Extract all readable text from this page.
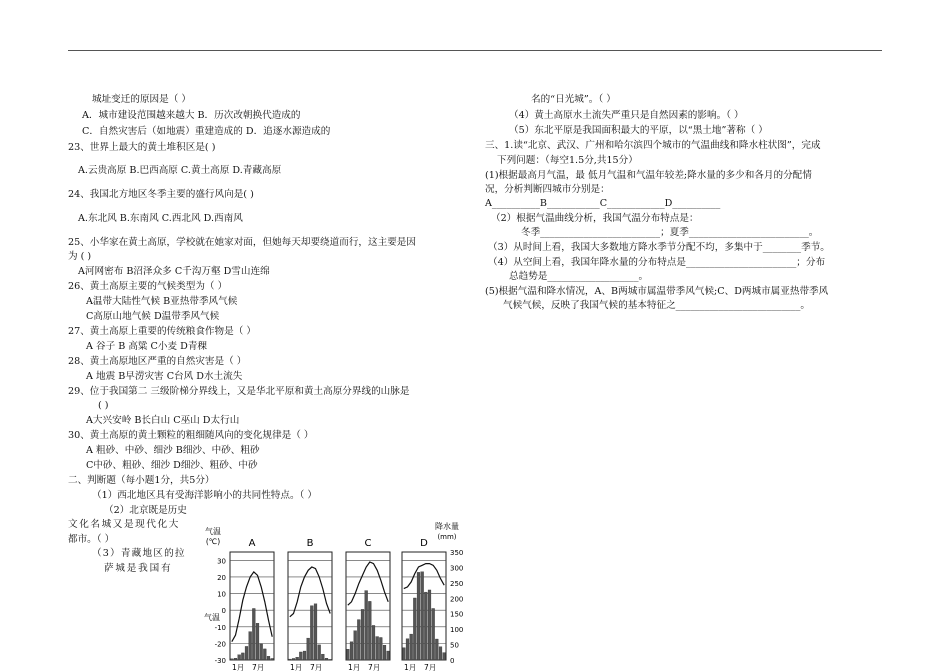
城址变迁的原因是（ ）
A．城市建设范围越来越大 B．历次改朝换代造成的
C．自然灾害后（如地震）重建造成的 D．追逐水源造成的
23、世界上最大的黄土堆积区是( )
A.云贵高原 B.巴西高原 C.黄土高原 D.青藏高原
24、我国北方地区冬季主要的盛行风向是( )
A.东北风 B.东南风 C.西北风 D.西南风
25、小华家在黄土高原，学校就在她家对面，但她每天却要绕道而行，这主要是因
为 ( )
A河网密布 B沼泽众多 C千沟万壑 D雪山连绵
26、黄土高原主要的气候类型为（ ）
A温带大陆性气候 B亚热带季风气候
C高原山地气候 D温带季风气候
27、黄土高原上重要的传统粮食作物是（ ）
A 谷子 B 高粱 C小麦 D青稞
28、黄土高原地区严重的自然灾害是（ ）
A 地震 B早涝灾害 C台风 D水土流失
29、位于我国第二 三级阶梯分界线上，又是华北平原和黄土高原分界线的山脉是
( )
A大兴安岭 B长白山 C巫山 D太行山
30、黄土高原的黄土颗粒的粗细随风向的变化规律是（ ）
A 粗砂、中砂、细沙 B细沙、中砂、粗砂
C中砂、粗砂、细沙 D细沙、粗砂、中砂
二、判断题（每小题1分，共5分）
（1）西北地区具有受海洋影响小的共同性特点。（ ）
（2）北京既是历史
文化名城又是现代化大
都市。（ ）
（3）青藏地区的拉
萨城是我国有
名的“日光城”。（ ）
（4）黄土高原水土流失严重只是自然因素的影响。（ ）
（5）东北平原是我国面积最大的平原，以“黑土地”著称（ ）
三、1.读“北京、武汉、广州和哈尔滨四个城市的气温曲线和降水柱状图”，完成
下列问题：（每空1.5分,共15分）
(1)根据最高月气温，最 低月气温和气温年较差;降水量的多少和各月的分配情
况，分析判断四城市分别是：
A__________B___________C____________D__________
（2）根据气温曲线分析，我国气温分布特点是：
冬季_________________________；夏季_________________________。
（3）从时间上看，我国大多数地方降水季节分配不均，多集中于________季节。
（4）从空间上看，我国年降水量的分布特点是_______________________；分布
总趋势是___________________。
(5)根据气温和降水情况，A、B两城市属温带季风气候;C、D两城市属亚热带季风
气候气候，反映了我国气候的基本特征之__________________________。
气温
(℃)
降水量
(mm)
气温
A
1月 7月
B
1月 7月
C
1月 7月
D
1月 7月
30
20
10
0
-10
-20
-30
350
300
250
200
150
100
50
0
